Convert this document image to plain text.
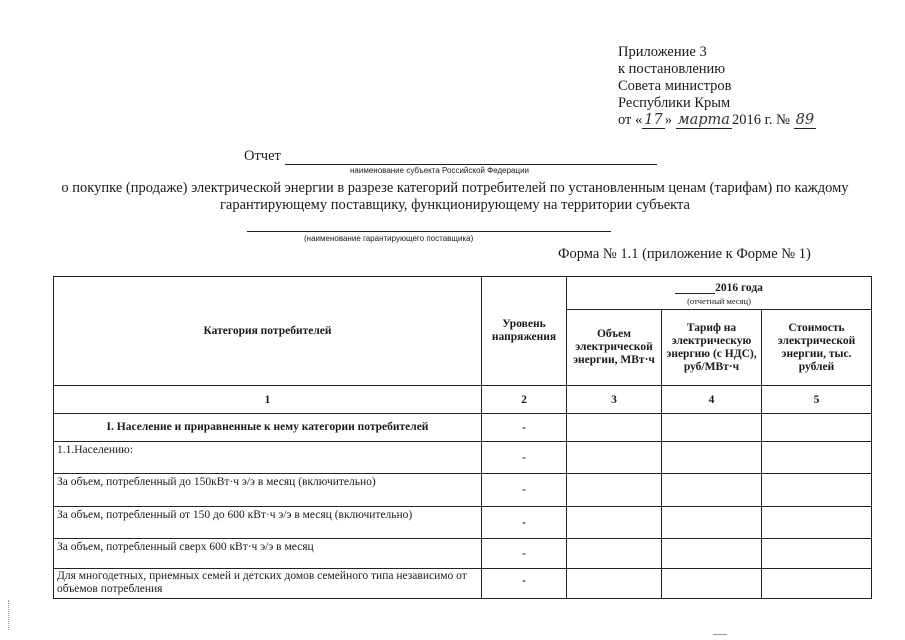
Приложение 3
к постановлению
Совета министров
Республики Крым
от « 17 » марта 2016 г. № 89
Отчет
наименование субъекта Российской Федерации
о покупке (продаже) электрической энергии в разрезе категорий потребителей по установленным ценам (тарифам) по каждому гарантирующему поставщику, функционирующему на территории субъекта
(наименование гарантирующего поставщика)
Форма № 1.1 (приложение к Форме № 1)
Категория потребителей	Уровень напряжения	2016 года
(отчетный месяц)		

		Объем электрической энергии, МВт·ч	Тариф на электрическую энергию (с НДС), руб/МВт·ч	Стоимость электрической энергии, тыс. рублей
1	2	3	4	5
I. Население и приравненные к нему категории потребителей	-			
1.1.Населению:	-			
За объем, потребленный до 150кВт·ч э/э в месяц (включительно)	-			
За объем, потребленный от 150 до 600 кВт·ч э/э в месяц (включительно)	-			
За объем, потребленный сверх 600 кВт·ч э/э в месяц	-			
Для многодетных, приемных семей и детских домов семейного типа независимо от объемов потребления	-			
